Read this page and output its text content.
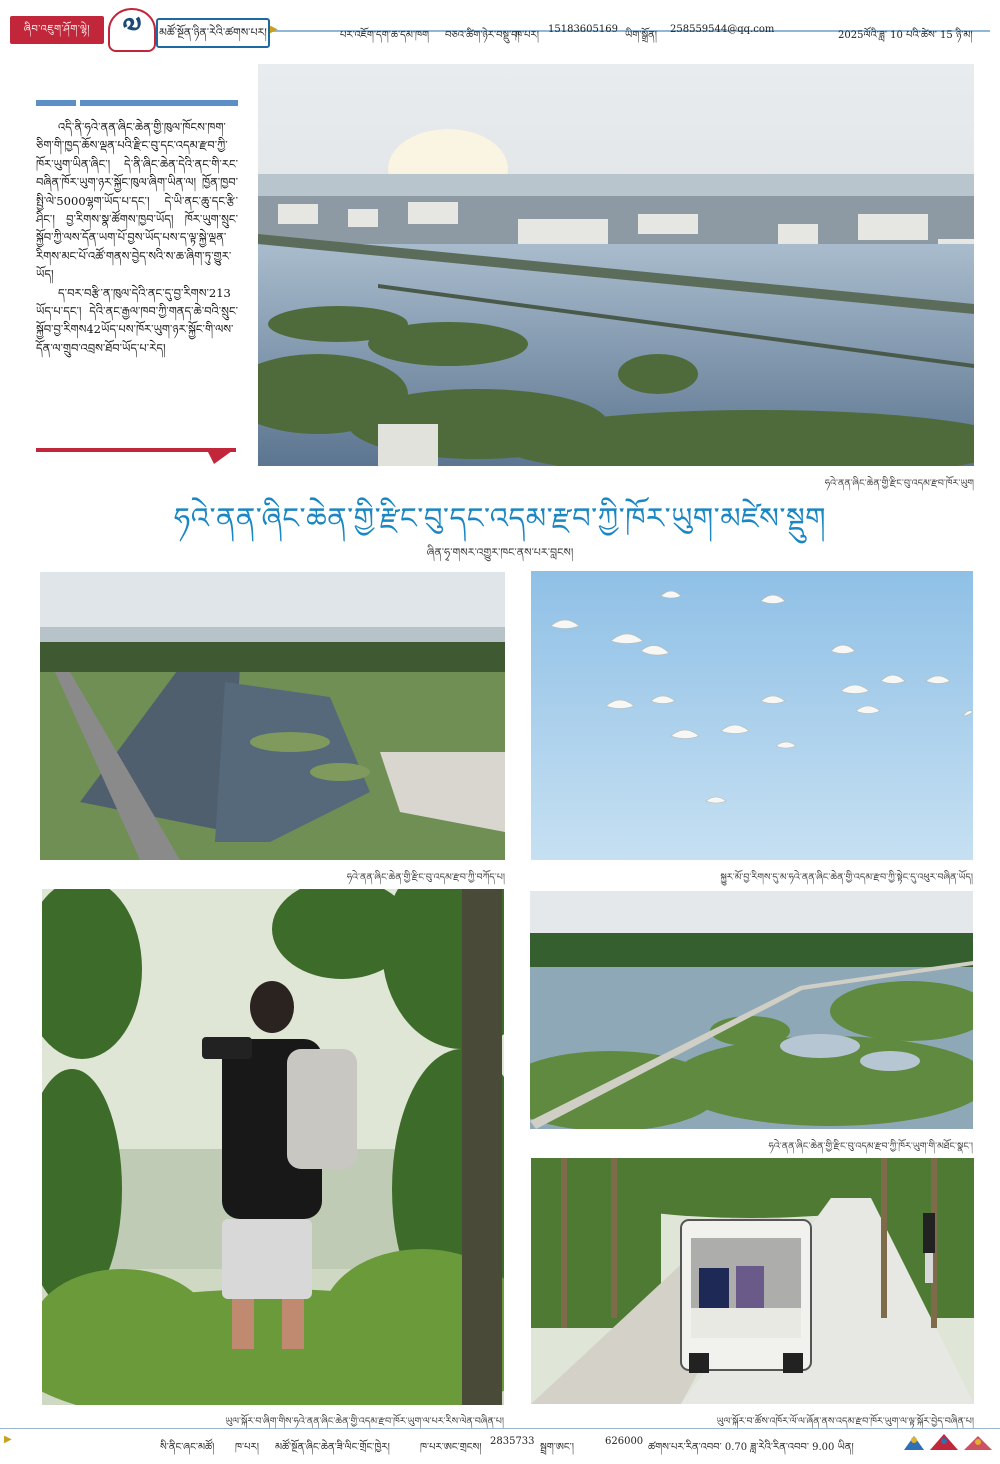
ཞིབ་འཇུག་ཤོག་ལྷེ།	༧	མཚོ་སྔོན་ཉིན་རེའི་ཚགས་པར། ▶
པར་འཇོག་དག་ཆ་དམ་ཁག བཅའ་ཚིག་ཉེར་བསྡུ་བ།
ཁ་པར།
15183605169
ཡིག་སྒྲོན།
258559544@qq.com
2025ལོའི་ཟླ་ 10 པའི་ཚེས་ 15 ཉི་མ།

འདི་ནི་ཧའེ་ནན་ཞིང་ཆེན་གྱི་ཁུལ་ཁོངས་ཁག་ཅིག་གི་ཁྱད་ཆོས་ལྡན་པའི་རྫིང་བུ་དང་འདམ་རྫབ་ཀྱི་ཁོར་ཡུག་ཡིན་ཞིང་། དེ་ནི་ཞིང་ཆེན་དེའི་ནང་གི་རང་བཞིན་ཁོར་ཡུག་ཉར་སྐྱོང་ཁུལ་ཞིག་ཡིན་ལ། ཁྱོན་ཁྱབ་སྤྱི་ལེ་5000ལྷག་ཡོད་པ་དང་། དེ་ཡི་ནང་ཆུ་དང་རྩི་ཤིང་། བྱ་རིགས་སྣ་ཚོགས་ཁྱབ་ཡོད། ཁོར་ཡུག་སྲུང་སྐྱོབ་ཀྱི་ལས་དོན་ཡག་པོ་བྱས་ཡོད་པས་ད་ལྟ་སྐྱེ་ལྡན་རིགས་མང་པོ་འཚོ་གནས་བྱེད་སའི་ས་ཆ་ཞིག་ཏུ་གྱུར་ཡོད།

ད་བར་བརྩི་ན་ཁུལ་དེའི་ནང་དུ་བྱ་རིགས་213 ཡོད་པ་དང་། དེའི་ནང་རྒྱལ་ཁབ་ཀྱི་གནད་ཆེ་བའི་སྲུང་སྐྱོབ་བྱ་རིགས42ཡོད་པས་ཁོར་ཡུག་ཉར་སྐྱོང་གི་ལས་དོན་ལ་གྲུབ་འབྲས་ཐོབ་ཡོད་པ་རེད།

ཧའེ་ནན་ཞིང་ཆེན་གྱི་རྫིང་བུ་འདམ་རྫབ་ཁོར་ཡུག
ཧའེ་ནན་ཞིང་ཆེན་གྱི་རྫིང་བུ་དང་འདམ་རྫབ་ཀྱི་ཁོར་ཡུག་མཛེས་སྡུག
ཞིན་ཧྭ་གསར་འགྱུར་ཁང་ནས་པར་བླངས།
ཧའེ་ནན་ཞིང་ཆེན་གྱི་རྫིང་བུ་འདམ་རྫབ་ཀྱི་བཀོད་པ།	སྐྱུར་མོ་བྱ་རིགས་དུ་མ་ཧའེ་ནན་ཞིང་ཆེན་གྱི་འདམ་རྫབ་ཀྱི་སྟེང་དུ་འཕུར་བཞིན་ཡོད།
ཡུལ་སྐོར་བ་ཞིག་གིས་ཧའེ་ནན་ཞིང་ཆེན་གྱི་འདམ་རྫབ་ཁོར་ཡུག་ལ་པར་རིས་ལེན་བཞིན་པ།
ཧའེ་ནན་ཞིང་ཆེན་གྱི་རྫིང་བུ་འདམ་རྫབ་ཀྱི་ཁོར་ཡུག་གི་མཐོང་སྣང་།
ཡུལ་སྐོར་བ་ཚོས་འཁོར་ལོ་ལ་ཞོན་ནས་འདམ་རྫབ་ཁོར་ཡུག་ལ་ལྟ་སྐོར་བྱེད་བཞིན་པ།
▶
སི་ནིང་ཞང་མཚོ། ཁ་པར། མཚོ་སྔོན་ཞིང་ཆེན་ཟི་ལིང་གྲོང་ཁྱེར།	ཁ་པར་ཨང་གྲངས།
2835733
སྦྲག་ཨང་།
626000
ཚགས་པར་རིན་འབབ་ 0.70 ཟླ་རེའི་རིན་འབབ་ 9.00 ཡིན།
